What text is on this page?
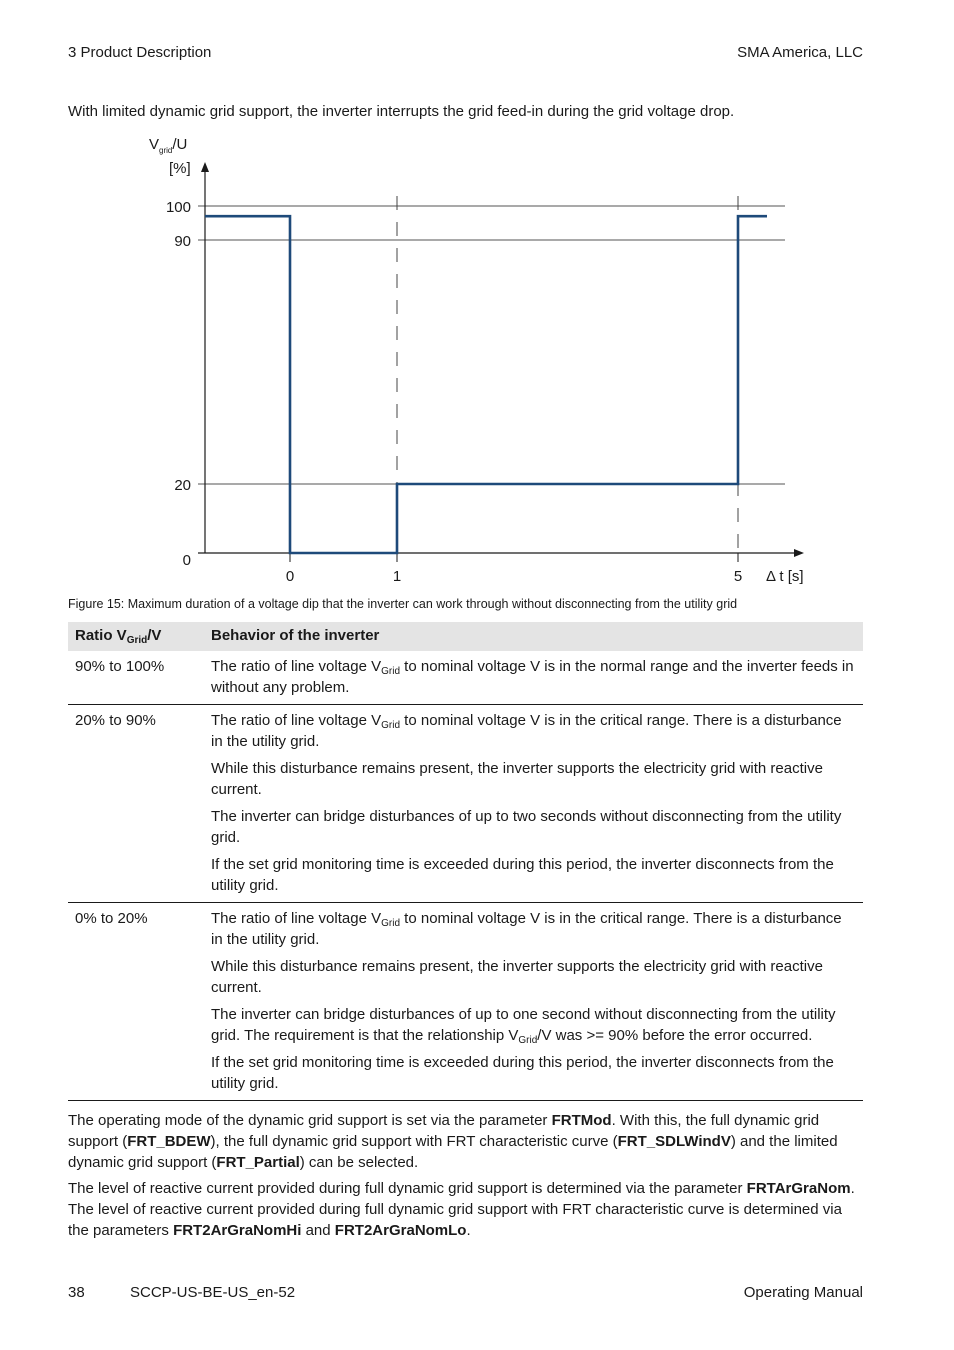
3 Product Description	SMA America, LLC
With limited dynamic grid support, the inverter interrupts the grid feed-in during the grid voltage drop.
$V_{grid}/U$
[%]
Δ t [s]
0
20
90
100
0	1	5
Figure 15: Maximum duration of a voltage dip that the inverter can work through without disconnecting from the utility grid
Ratio $V_{Grid}/V$	Behavior of the inverter
90% to 100%	The ratio of line voltage $V_{Grid}$ to nominal voltage V is in the normal range and the inverter feeds in without any problem.

20% to 90%	The ratio of line voltage $V_{Grid}$ to nominal voltage V is in the critical range. There is a disturbance in the utility grid.

While this disturbance remains present, the inverter supports the electricity grid with reactive current.

The inverter can bridge disturbances of up to two seconds without disconnecting from the utility grid.

If the set grid monitoring time is exceeded during this period, the inverter disconnects from the utility grid.

0% to 20%	The ratio of line voltage $V_{Grid}$ to nominal voltage V is in the critical range. There is a disturbance in the utility grid.

While this disturbance remains present, the inverter supports the electricity grid with reactive current.

The inverter can bridge disturbances of up to one second without disconnecting from the utility grid. The requirement is that the relationship $V_{Grid}/V$ was >= 90% before the error occurred.

If the set grid monitoring time is exceeded during this period, the inverter disconnects from the utility grid.

The operating mode of the dynamic grid support is set via the parameter FRTMod. With this, the full dynamic grid support (FRT_BDEW), the full dynamic grid support with FRT characteristic curve (FRT_SDLWindV) and the limited dynamic grid support (FRT_Partial) can be selected.

The level of reactive current provided during full dynamic grid support is determined via the parameter FRTArGraNom. The level of reactive current provided during full dynamic grid support with FRT characteristic curve is determined via the parameters FRT2ArGraNomHi and FRT2ArGraNomLo.

38	SCCP-US-BE-US_en-52	Operating Manual
